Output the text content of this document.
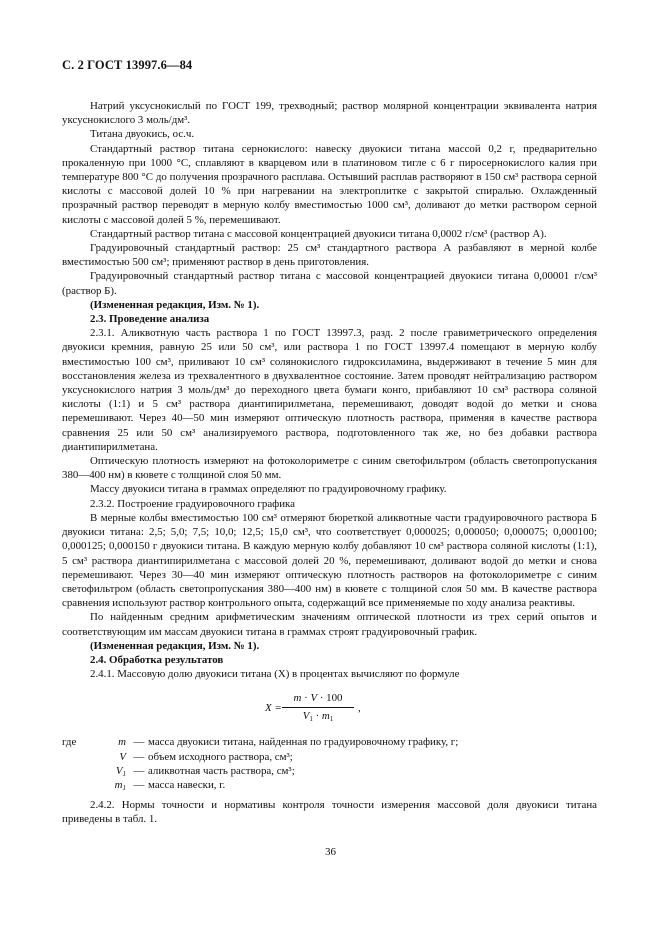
С. 2 ГОСТ 13997.6—84

Натрий уксуснокислый по ГОСТ 199, трехводный; раствор молярной концентрации эквивалента натрия уксуснокислого 3 моль/дм³.

Титана двуокись, ос.ч.

Стандартный раствор титана сернокислого: навеску двуокиси титана массой 0,2 г, предварительно прокаленную при 1000 °С, сплавляют в кварцевом или в платиновом тигле с 6 г пиросернокислого калия при температуре 800 °С до получения прозрачного расплава. Остывший расплав растворяют в 150 см³ раствора серной кислоты с массовой долей 10 % при нагревании на электроплитке с закрытой спиралью. Охлажденный прозрачный раствор переводят в мерную колбу вместимостью 1000 см³, доливают до метки раствором серной кислоты с массовой долей 5 %, перемешивают.

Стандартный раствор титана с массовой концентрацией двуокиси титана 0,0002 г/см³ (раствор А).

Градуировочный стандартный раствор: 25 см³ стандартного раствора А разбавляют в мерной колбе вместимостью 500 см³; применяют раствор в день приготовления.

Градуировочный стандартный раствор титана с массовой концентрацией двуокиси титана 0,00001 г/см³ (раствор Б).

(Измененная редакция, Изм. № 1).

2.3. Проведение анализа

2.3.1. Аликвотную часть раствора 1 по ГОСТ 13997.3, разд. 2 после гравиметрического определения двуокиси кремния, равную 25 или 50 см³, или раствора 1 по ГОСТ 13997.4 помещают в мерную колбу вместимостью 100 см³, приливают 10 см³ солянокислого гидроксиламина, выдерживают в течение 5 мин для восстановления железа из трехвалентного в двухвалентное состояние. Затем проводят нейтрализацию раствором уксуснокислого натрия 3 моль/дм³ до переходного цвета бумаги конго, прибавляют 10 см³ раствора соляной кислоты (1:1) и 5 см³ раствора диантипирилметана, перемешивают, доводят водой до метки и снова перемешивают. Через 40—50 мин измеряют оптическую плотность раствора, применяя в качестве раствора сравнения 25 или 50 см³ анализируемого раствора, подготовленного так же, но без добавки раствора диантипирилметана.

Оптическую плотность измеряют на фотоколориметре с синим светофильтром (область светопропускания 380—400 нм) в кювете с толщиной слоя 50 мм.

Массу двуокиси титана в граммах определяют по градуировочному графику.

2.3.2. Построение градуировочного графика

В мерные колбы вместимостью 100 см³ отмеряют бюреткой аликвотные части градуировочного раствора Б двуокиси титана: 2,5; 5,0; 7,5; 10,0; 12,5; 15,0 см³, что соответствует 0,000025; 0,000050; 0,000075; 0,000100; 0,000125; 0,000150 г двуокиси титана. В каждую мерную колбу добавляют 10 см³ раствора соляной кислоты (1:1), 5 см³ раствора диантипирилметана с массовой долей 20 %, перемешивают, доливают водой до метки и снова перемешивают. Через 30—40 мин измеряют оптическую плотность растворов на фотоколориметре с синим светофильтром (область светопропускания 380—400 нм) в кювете с толщиной слоя 50 мм. В качестве раствора сравнения используют раствор контрольного опыта, содержащий все применяемые по ходу анализа реактивы.

По найденным средним арифметическим значениям оптической плотности из трех серий опытов и соответствующим им массам двуокиси титана в граммах строят градуировочный график.

(Измененная редакция, Изм. № 1).

2.4. Обработка результатов

2.4.1. Массовую долю двуокиси титана (X) в процентах вычисляют по формуле

$X = \frac{m \cdot V \cdot 100}{V_1 \cdot m_1}$ ,
где	m — масса двуокиси титана, найденная по градуировочному графику, г;
V — объем исходного раствора, см³;
$V_1$ — аликвотная часть раствора, см³;
$m_1$ — масса навески, г.

2.4.2. Нормы точности и нормативы контроля точности измерения массовой доля двуокиси титана приведены в табл. 1.

36
